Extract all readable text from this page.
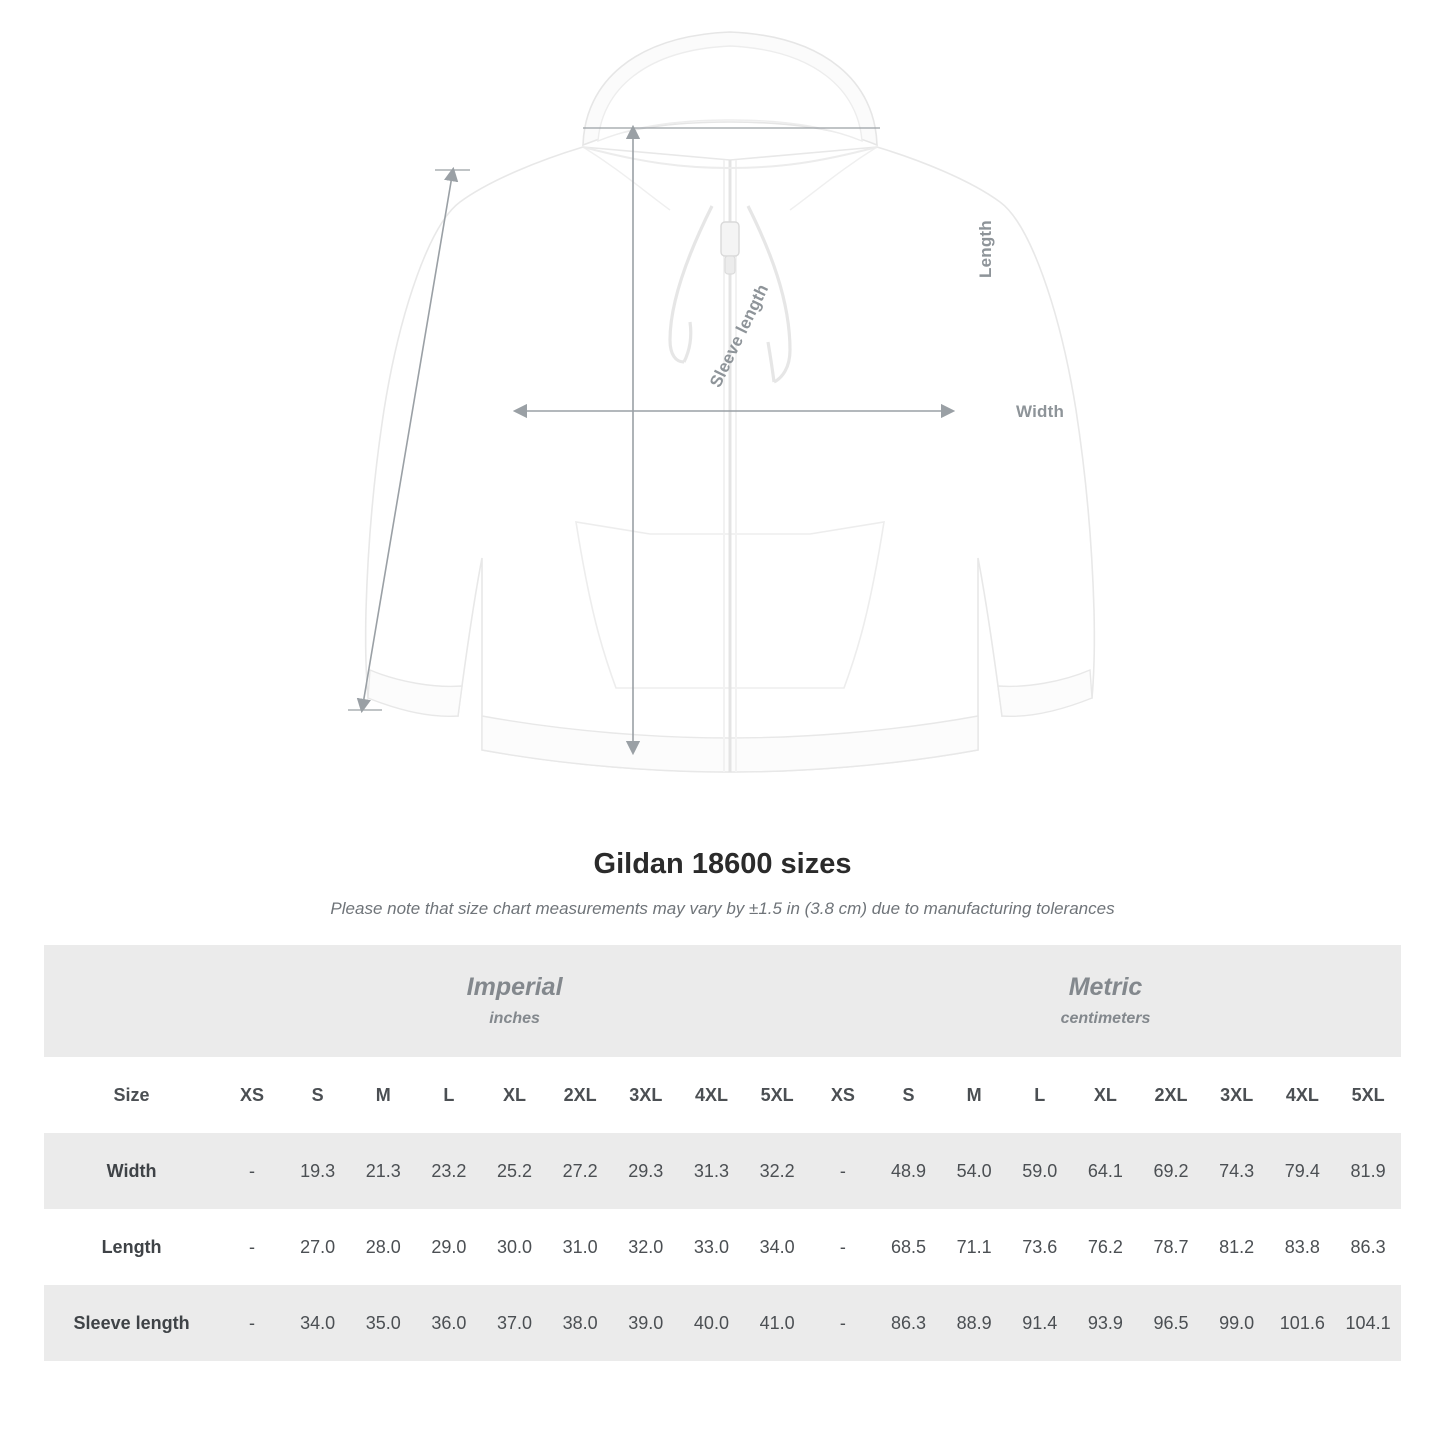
Length
Width
Sleeve length
Gildan 18600 sizes

Please note that size chart measurements may vary by ±1.5 in (3.8 cm) due to manufacturing tolerances

Imperial
inches

Metric
centimeters

Size	XS	S	M	L	XL	2XL	3XL	4XL	5XL	XS	S	M	L	XL	2XL	3XL	4XL	5XL
Width	-	19.3	21.3	23.2	25.2	27.2	29.3	31.3	32.2	-	48.9	54.0	59.0	64.1	69.2	74.3	79.4	81.9
Length	-	27.0	28.0	29.0	30.0	31.0	32.0	33.0	34.0	-	68.5	71.1	73.6	76.2	78.7	81.2	83.8	86.3
Sleeve length	-	34.0	35.0	36.0	37.0	38.0	39.0	40.0	41.0	-	86.3	88.9	91.4	93.9	96.5	99.0	101.6	104.1
